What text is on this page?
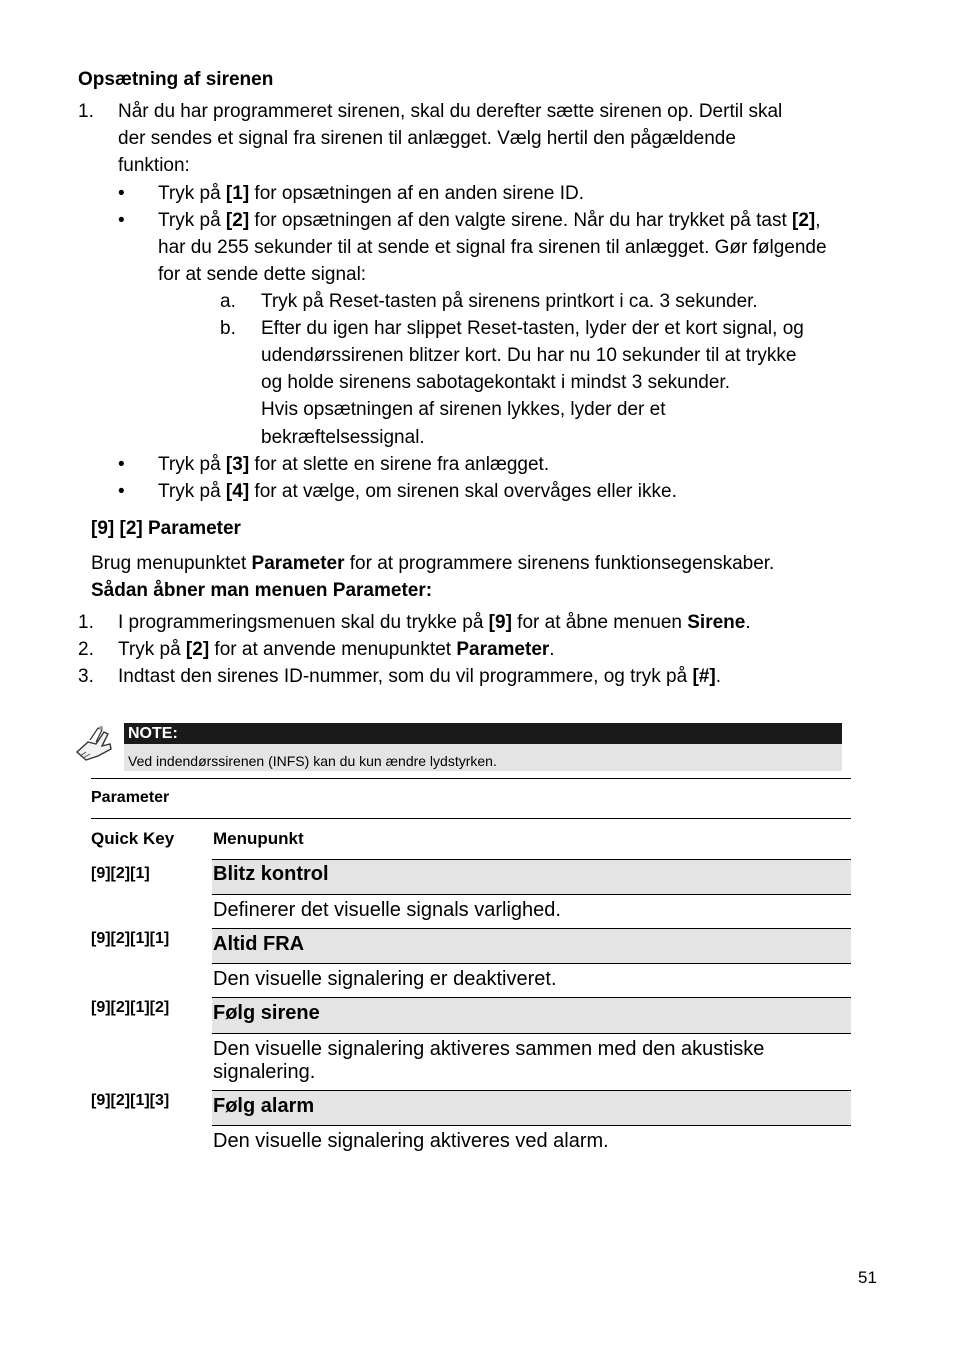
Opsætning af sirenen
1. Når du har programmeret sirenen, skal du derefter sætte sirenen op. Dertil skal
der sendes et signal fra sirenen til anlægget. Vælg hertil den pågældende
funktion:
• Tryk på [1] for opsætningen af en anden sirene ID.
• Tryk på [2] for opsætningen af den valgte sirene. Når du har trykket på tast [2],
har du 255 sekunder til at sende et signal fra sirenen til anlægget. Gør følgende
for at sende dette signal:
a. Tryk på Reset-tasten på sirenens printkort i ca. 3 sekunder.
b. Efter du igen har slippet Reset-tasten, lyder der et kort signal, og
udendørssirenen blitzer kort. Du har nu 10 sekunder til at trykke
og holde sirenens sabotagekontakt i mindst 3 sekunder.
Hvis opsætningen af sirenen lykkes, lyder der et
bekræftelsessignal.
• Tryk på [3] for at slette en sirene fra anlægget.
• Tryk på [4] for at vælge, om sirenen skal overvåges eller ikke.
[9] [2] Parameter
Brug menupunktet Parameter for at programmere sirenens funktionsegenskaber.
Sådan åbner man menuen Parameter:
1. I programmeringsmenuen skal du trykke på [9] for at åbne menuen Sirene.
2. Tryk på [2] for at anvende menupunktet Parameter.
3. Indtast den sirenes ID-nummer, som du vil programmere, og tryk på [#].
NOTE:
Ved indendørssirenen (INFS) kan du kun ændre lydstyrken.
Parameter
Quick Key Menupunkt
[9][2][1]	Blitz kontrol
Definerer det visuelle signals varlighed.
[9][2][1][1] Altid FRA
Den visuelle signalering er deaktiveret.
[9][2][1][2] Følg sirene
Den visuelle signalering aktiveres sammen med den akustiske signalering.
[9][2][1][3] Følg alarm
Den visuelle signalering aktiveres ved alarm.
51
